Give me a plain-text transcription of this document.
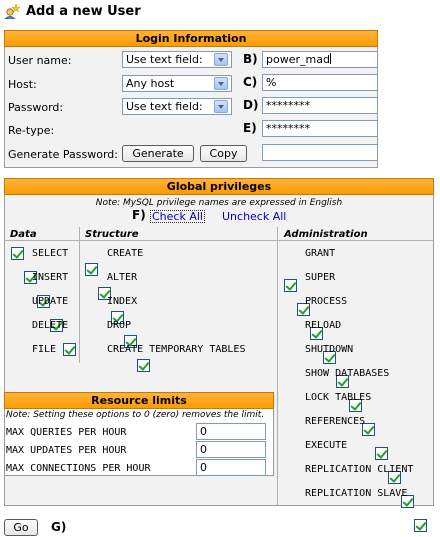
Add a new User
Login Information
User name:	Use text field:	B) power_mad
Host:	Any host	C) %
Password:	Use text field:	D) ********
Re-type:	E) ********
Generate Password:	Generate	Copy
Global privileges
Note: MySQL privilege names are expressed in English
F) Check All Uncheck All
Data	Structure	Administration
SELECT
INSERT
UPDATE
DELETE
FILE
CREATE
ALTER
INDEX
DROP
CREATE TEMPORARY TABLES
GRANT
SUPER
PROCESS
RELOAD
SHUTDOWN
SHOW DATABASES
LOCK TABLES
REFERENCES
EXECUTE
REPLICATION CLIENT
REPLICATION SLAVE
Resource limits
Note: Setting these options to 0 (zero) removes the limit.
MAX QUERIES PER HOUR	0
MAX UPDATES PER HOUR	0
MAX CONNECTIONS PER HOUR	0
Go	G)
